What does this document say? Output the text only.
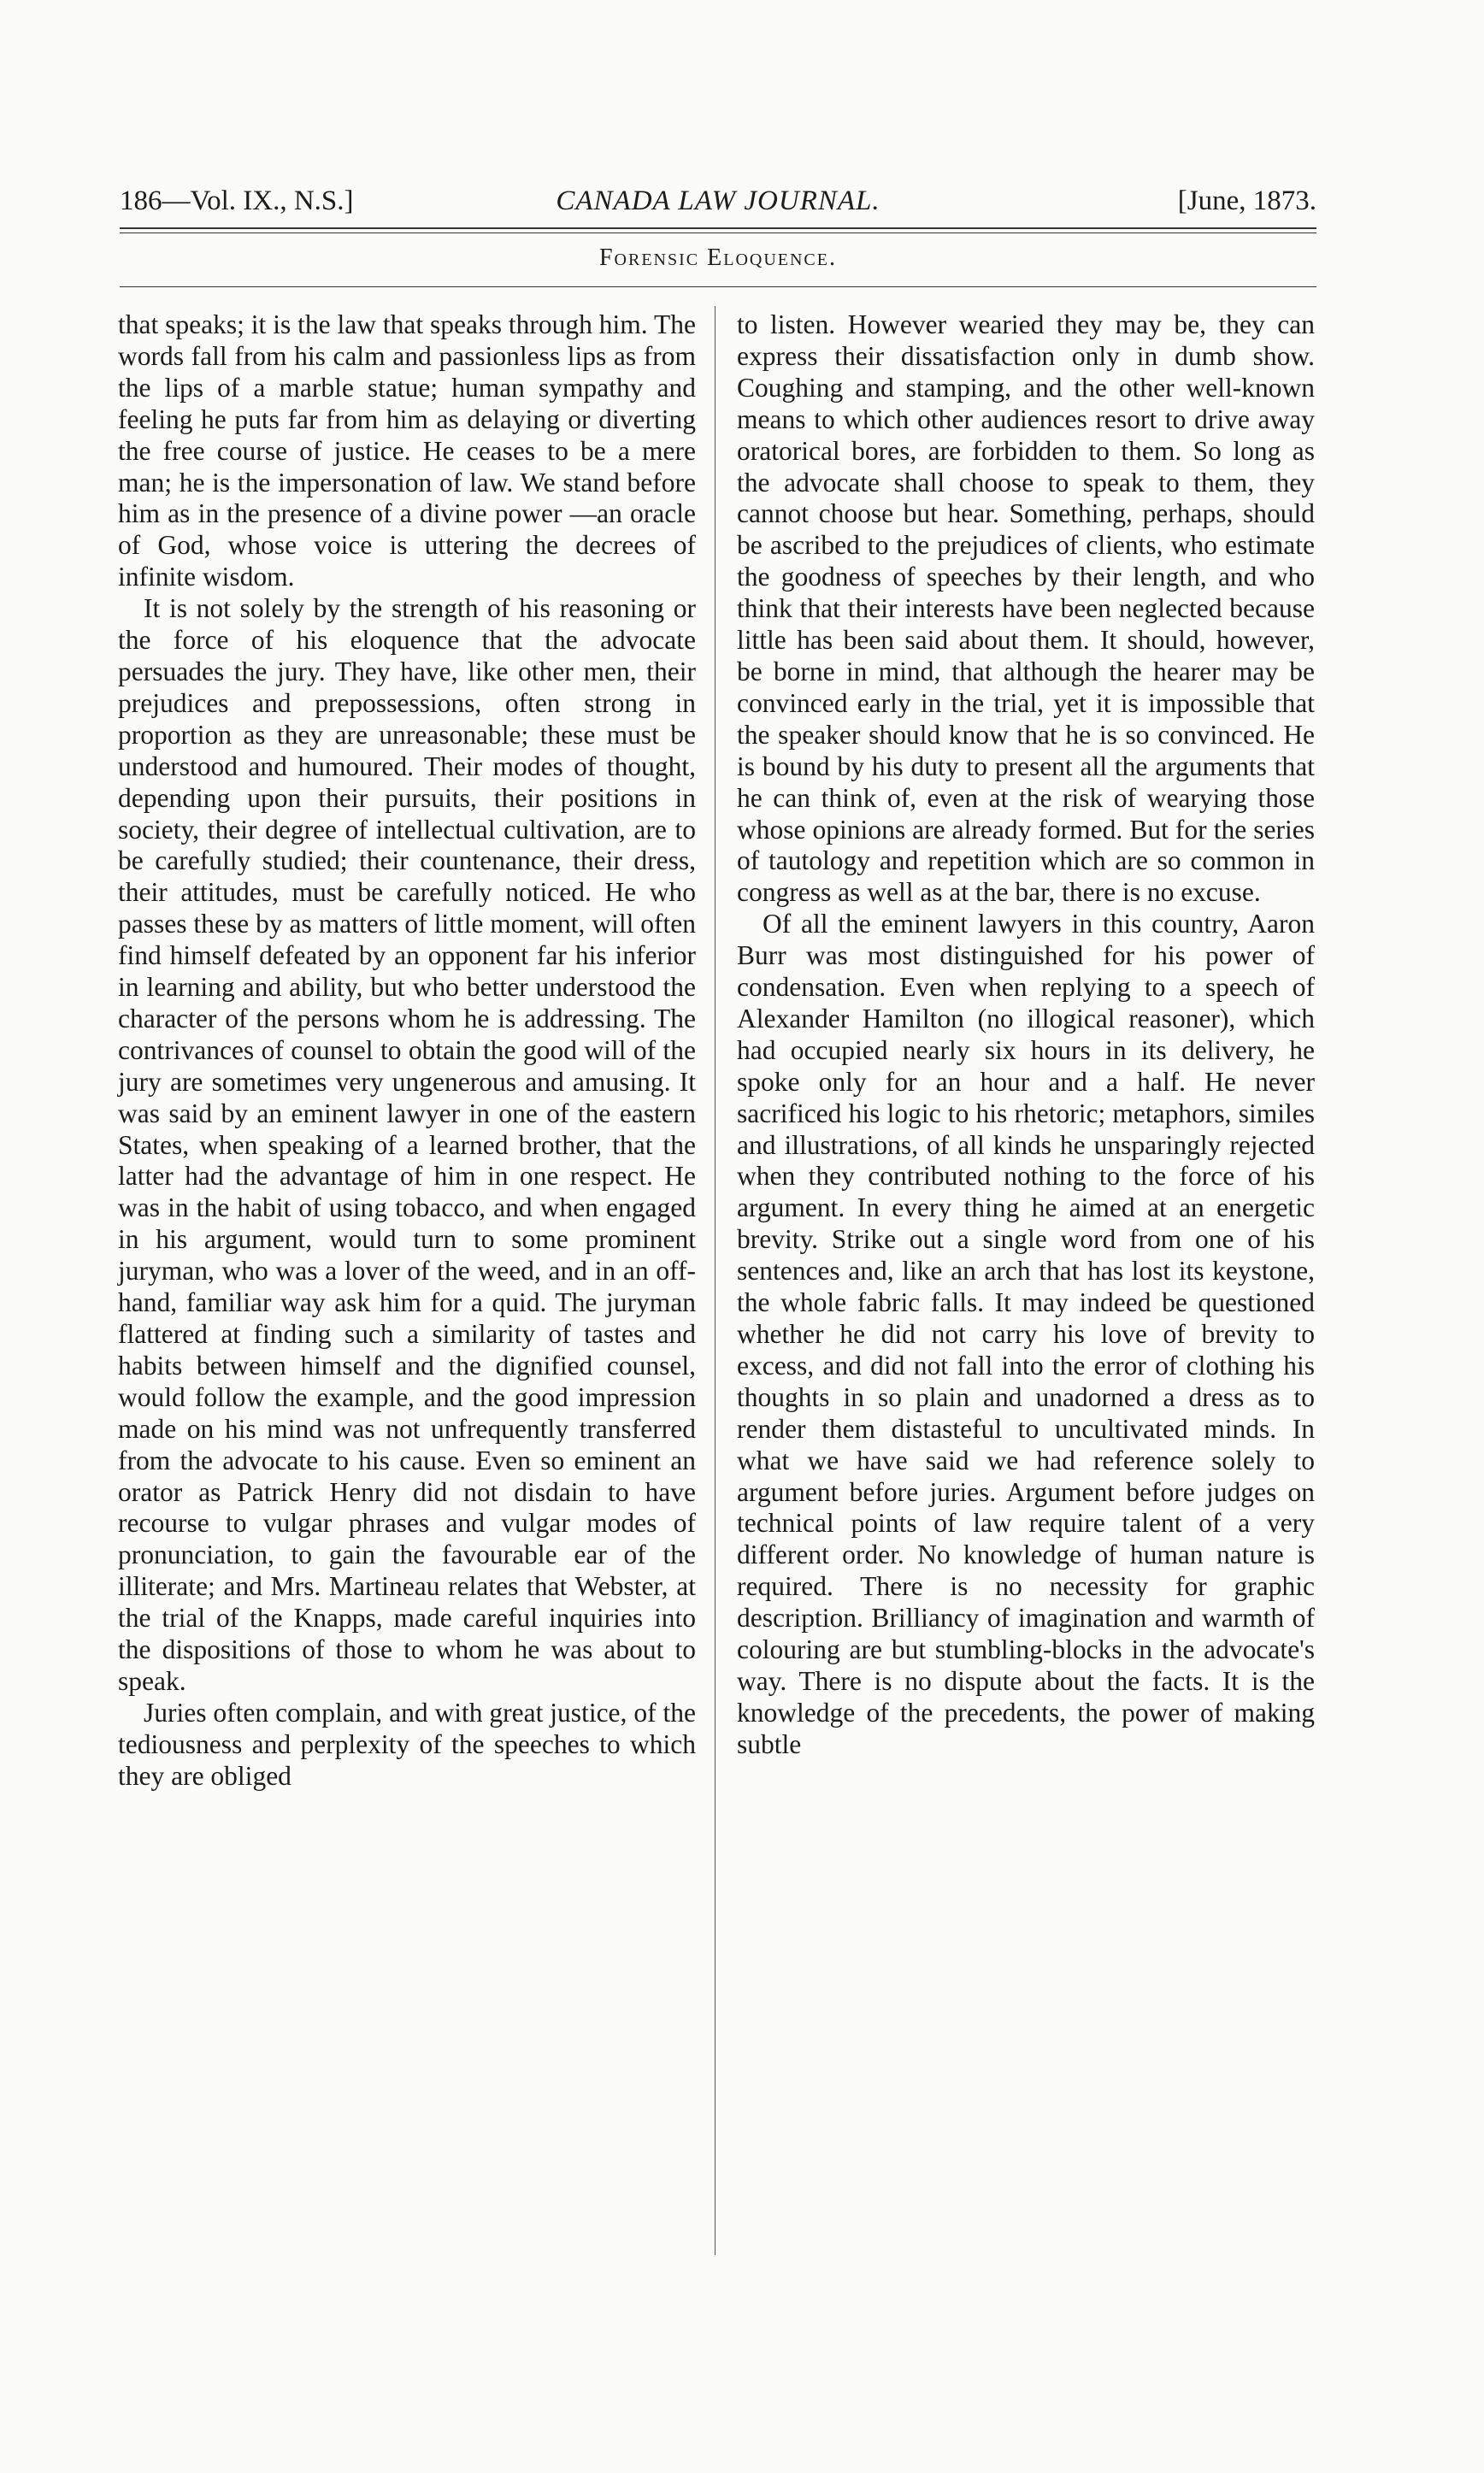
186—Vol. IX., N.S.]	CANADA LAW JOURNAL.	[June, 1873.
Forensic Eloquence.

that speaks; it is the law that speaks through him. The words fall from his calm and passionless lips as from the lips of a marble statue; human sympathy and feeling he puts far from him as delaying or diverting the free course of justice. He ceases to be a mere man; he is the impersonation of law. We stand before him as in the presence of a divine power —an oracle of God, whose voice is uttering the decrees of infinite wisdom.

It is not solely by the strength of his reasoning or the force of his eloquence that the advocate persuades the jury. They have, like other men, their prejudices and prepossessions, often strong in proportion as they are unreasonable; these must be understood and humoured. Their modes of thought, depending upon their pursuits, their positions in society, their degree of intellectual cultivation, are to be carefully studied; their countenance, their dress, their attitudes, must be carefully noticed. He who passes these by as matters of little moment, will often find himself defeated by an opponent far his inferior in learning and ability, but who better understood the character of the persons whom he is addressing. The contrivances of counsel to obtain the good will of the jury are sometimes very ungenerous and amusing. It was said by an eminent lawyer in one of the eastern States, when speaking of a learned brother, that the latter had the advantage of him in one respect. He was in the habit of using tobacco, and when engaged in his argument, would turn to some prominent juryman, who was a lover of the weed, and in an off-hand, familiar way ask him for a quid. The juryman flattered at finding such a similarity of tastes and habits between himself and the dignified counsel, would follow the example, and the good impression made on his mind was not unfrequently transferred from the advocate to his cause. Even so eminent an orator as Patrick Henry did not disdain to have recourse to vulgar phrases and vulgar modes of pronunciation, to gain the favourable ear of the illiterate; and Mrs. Martineau relates that Webster, at the trial of the Knapps, made careful inquiries into the dispositions of those to whom he was about to speak.

Juries often complain, and with great justice, of the tediousness and perplexity of the speeches to which they are obliged

to listen. However wearied they may be, they can express their dissatisfaction only in dumb show. Coughing and stamping, and the other well-known means to which other audiences resort to drive away oratorical bores, are forbidden to them. So long as the advocate shall choose to speak to them, they cannot choose but hear. Something, perhaps, should be ascribed to the prejudices of clients, who estimate the goodness of speeches by their length, and who think that their interests have been neglected because little has been said about them. It should, however, be borne in mind, that although the hearer may be convinced early in the trial, yet it is impossible that the speaker should know that he is so convinced. He is bound by his duty to present all the arguments that he can think of, even at the risk of wearying those whose opinions are already formed. But for the series of tautology and repetition which are so common in congress as well as at the bar, there is no excuse.

Of all the eminent lawyers in this country, Aaron Burr was most distinguished for his power of condensation. Even when replying to a speech of Alexander Hamilton (no illogical reasoner), which had occupied nearly six hours in its delivery, he spoke only for an hour and a half. He never sacrificed his logic to his rhetoric; metaphors, similes and illustrations, of all kinds he unsparingly rejected when they contributed nothing to the force of his argument. In every thing he aimed at an energetic brevity. Strike out a single word from one of his sentences and, like an arch that has lost its keystone, the whole fabric falls. It may indeed be questioned whether he did not carry his love of brevity to excess, and did not fall into the error of clothing his thoughts in so plain and unadorned a dress as to render them distasteful to uncultivated minds. In what we have said we had reference solely to argument before juries. Argument before judges on technical points of law require talent of a very different order. No knowledge of human nature is required. There is no necessity for graphic description. Brilliancy of imagination and warmth of colouring are but stumbling-blocks in the advocate's way. There is no dispute about the facts. It is the knowledge of the precedents, the power of making subtle
